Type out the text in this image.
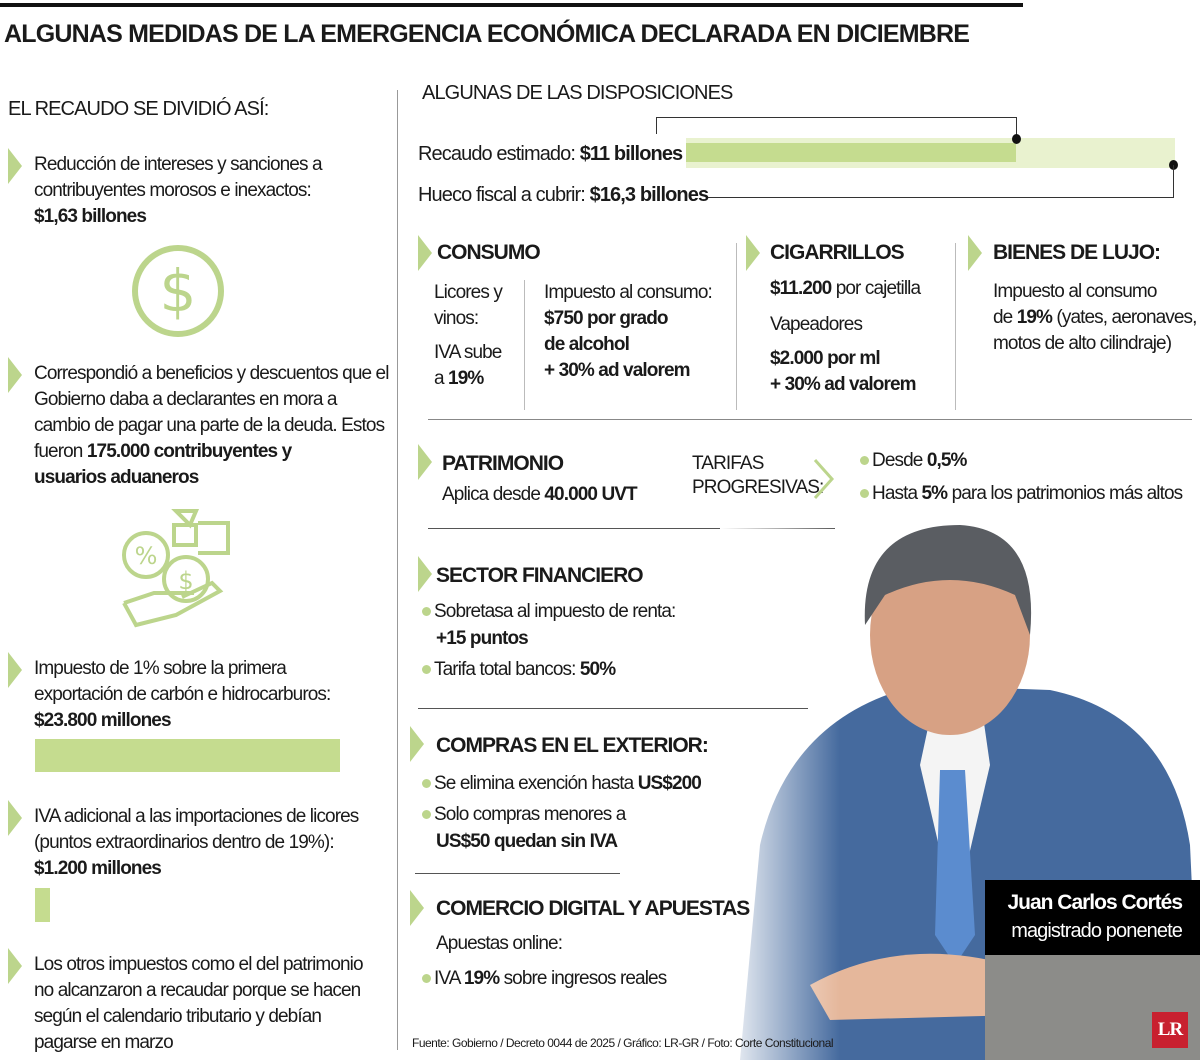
ALGUNAS MEDIDAS DE LA EMERGENCIA ECONÓMICA DECLARADA EN DICIEMBRE
EL RECAUDO SE DIVIDIÓ ASÍ:
Reducción de intereses y sanciones a
contribuyentes morosos e inexactos:
$1,63 billones
$
Correspondió a beneficios y descuentos que el
Gobierno daba a declarantes en mora a
cambio de pagar una parte de la deuda. Estos
fueron 175.000 contribuyentes y
usuarios aduaneros
%
$
Impuesto de 1% sobre la primera
exportación de carbón e hidrocarburos:
$23.800 millones
IVA adicional a las importaciones de licores
(puntos extraordinarios dentro de 19%):
$1.200 millones
Los otros impuestos como el del patrimonio
no alcanzaron a recaudar porque se hacen
según el calendario tributario y debían
pagarse en marzo
ALGUNAS DE LAS DISPOSICIONES
Recaudo estimado: $11 billones
Hueco fiscal a cubrir: $16,3 billones
CONSUMO
Licores y
vinos:
IVA sube
a 19%
Impuesto al consumo:
$750 por grado
de alcohol
+ 30% ad valorem
CIGARRILLOS
$11.200 por cajetilla
Vapeadores
$2.000 por ml
+ 30% ad valorem
BIENES DE LUJO:
Impuesto al consumo
de 19% (yates, aeronaves,
motos de alto cilindraje)
PATRIMONIO
Aplica desde 40.000 UVT
TARIFAS
PROGRESIVAS:
Desde 0,5%
Hasta 5% para los patrimonios más altos
Juan Carlos Cortés
magistrado ponenete
LR
SECTOR FINANCIERO
Sobretasa al impuesto de renta:
+15 puntos
Tarifa total bancos: 50%
COMPRAS EN EL EXTERIOR:
Se elimina exención hasta US$200
Solo compras menores a
US$50 quedan sin IVA
COMERCIO DIGITAL Y APUESTAS
Apuestas online:
IVA 19% sobre ingresos reales
Fuente: Gobierno / Decreto 0044 de 2025 / Gráfico: LR-GR / Foto: Corte Constitucional
